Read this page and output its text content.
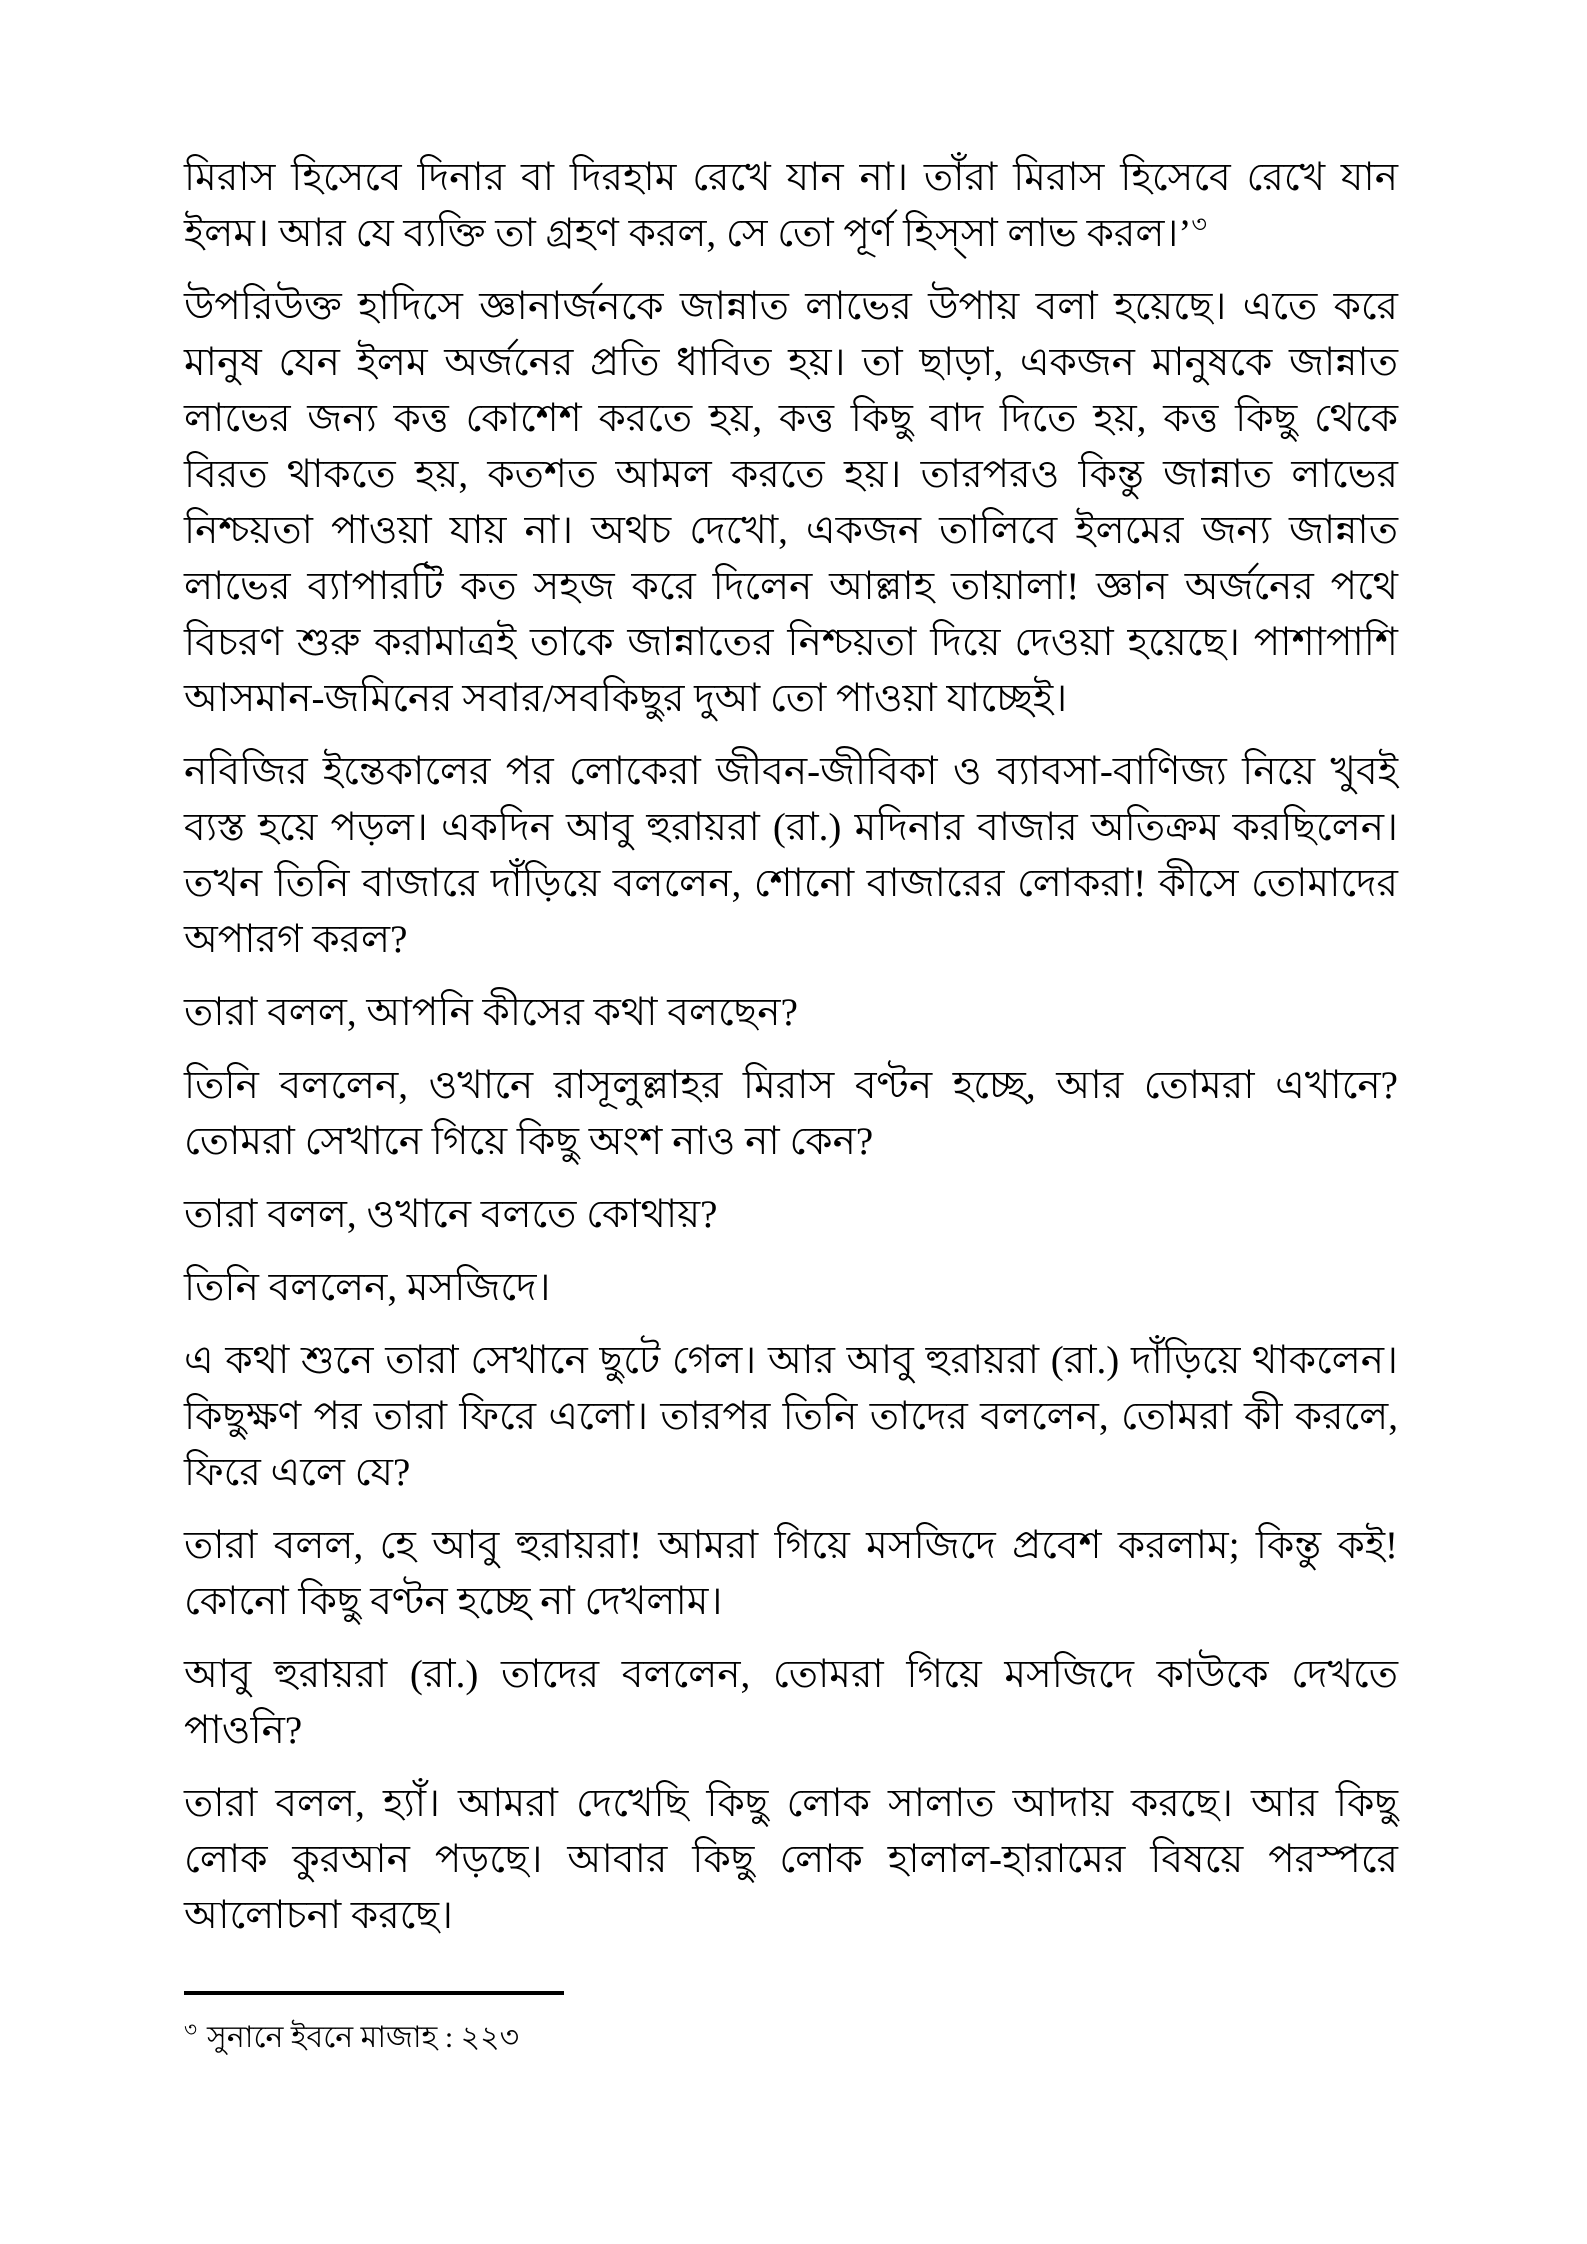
মিরাস হিসেবে দিনার বা দিরহাম রেখে যান না। তাঁরা মিরাস হিসেবে রেখে যান ইলম। আর যে ব্যক্তি তা গ্রহণ করল, সে তো পূর্ণ হিস্‌সা লাভ করল।’$^৩$

উপরিউক্ত হাদিসে জ্ঞানার্জনকে জান্নাত লাভের উপায় বলা হয়েছে। এতে করে মানুষ যেন ইলম অর্জনের প্রতি ধাবিত হয়। তা ছাড়া, একজন মানুষকে জান্নাত লাভের জন্য কত্ত কোশেশ করতে হয়, কত্ত কিছু বাদ দিতে হয়, কত্ত কিছু থেকে বিরত থাকতে হয়, কতশত আমল করতে হয়। তারপরও কিন্তু জান্নাত লাভের নিশ্চয়তা পাওয়া যায় না। অথচ দেখো, একজন তালিবে ইলমের জন্য জান্নাত লাভের ব্যাপারটি কত সহজ করে দিলেন আল্লাহ তায়ালা! জ্ঞান অর্জনের পথে বিচরণ শুরু করামাত্রই তাকে জান্নাতের নিশ্চয়তা দিয়ে দেওয়া হয়েছে। পাশাপাশি আসমান-জমিনের সবার/সবকিছুর দুআ তো পাওয়া যাচ্ছেই।

নবিজির ইন্তেকালের পর লোকেরা জীবন-জীবিকা ও ব্যাবসা-বাণিজ্য নিয়ে খুবই ব্যস্ত হয়ে পড়ল। একদিন আবু হুরায়রা (রা.) মদিনার বাজার অতিক্রম করছিলেন। তখন তিনি বাজারে দাঁড়িয়ে বললেন, শোনো বাজারের লোকরা! কীসে তোমাদের অপারগ করল?

তারা বলল, আপনি কীসের কথা বলছেন?

তিনি বললেন, ওখানে রাসূলুল্লাহর মিরাস বণ্টন হচ্ছে, আর তোমরা এখানে? তোমরা সেখানে গিয়ে কিছু অংশ নাও না কেন?

তারা বলল, ওখানে বলতে কোথায়?

তিনি বললেন, মসজিদে।

এ কথা শুনে তারা সেখানে ছুটে গেল। আর আবু হুরায়রা (রা.) দাঁড়িয়ে থাকলেন। কিছুক্ষণ পর তারা ফিরে এলো। তারপর তিনি তাদের বললেন, তোমরা কী করলে, ফিরে এলে যে?

তারা বলল, হে আবু হুরায়রা! আমরা গিয়ে মসজিদে প্রবেশ করলাম; কিন্তু কই! কোনো কিছু বণ্টন হচ্ছে না দেখলাম।

আবু হুরায়রা (রা.) তাদের বললেন, তোমরা গিয়ে মসজিদে কাউকে দেখতে পাওনি?

তারা বলল, হ্যাঁ। আমরা দেখেছি কিছু লোক সালাত আদায় করছে। আর কিছু লোক কুরআন পড়ছে। আবার কিছু লোক হালাল-হারামের বিষয়ে পরস্পরে আলোচনা করছে।

$^৩$ সুনানে ইবনে মাজাহ : ২২৩
